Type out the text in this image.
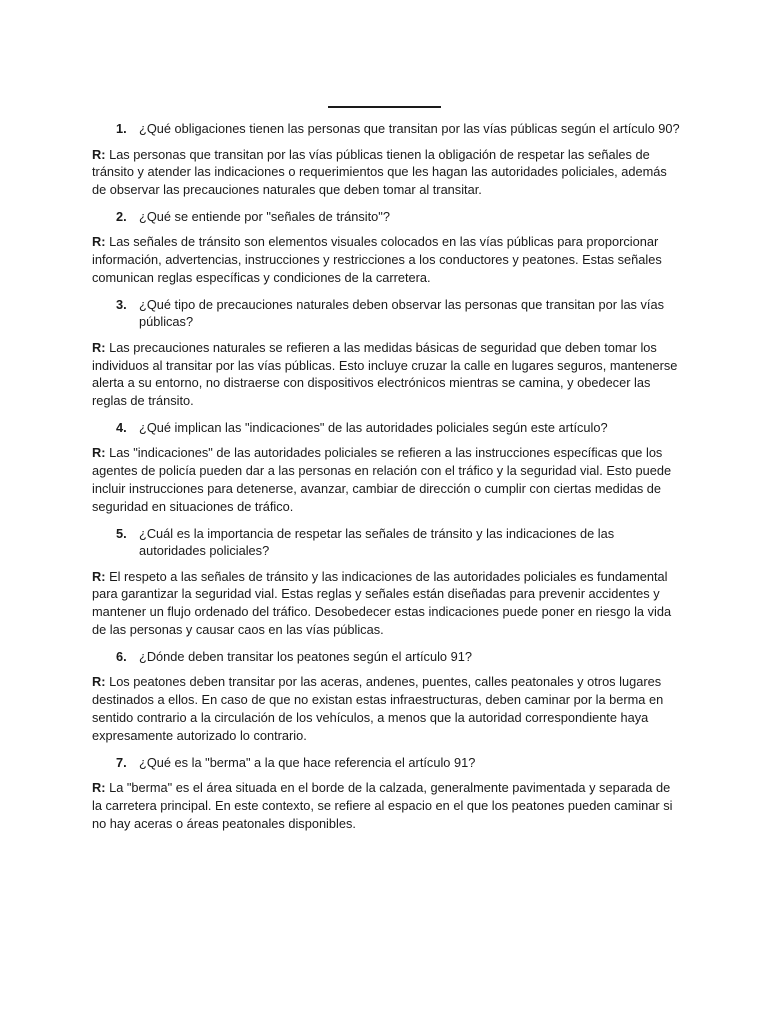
1. ¿Qué obligaciones tienen las personas que transitan por las vías públicas según el artículo 90?

R: Las personas que transitan por las vías públicas tienen la obligación de respetar las señales de tránsito y atender las indicaciones o requerimientos que les hagan las autoridades policiales, además de observar las precauciones naturales que deben tomar al transitar.

2. ¿Qué se entiende por "señales de tránsito"?

R: Las señales de tránsito son elementos visuales colocados en las vías públicas para proporcionar información, advertencias, instrucciones y restricciones a los conductores y peatones. Estas señales comunican reglas específicas y condiciones de la carretera.

3. ¿Qué tipo de precauciones naturales deben observar las personas que transitan por las vías públicas?

R: Las precauciones naturales se refieren a las medidas básicas de seguridad que deben tomar los individuos al transitar por las vías públicas. Esto incluye cruzar la calle en lugares seguros, mantenerse alerta a su entorno, no distraerse con dispositivos electrónicos mientras se camina, y obedecer las reglas de tránsito.

4. ¿Qué implican las "indicaciones" de las autoridades policiales según este artículo?

R: Las "indicaciones" de las autoridades policiales se refieren a las instrucciones específicas que los agentes de policía pueden dar a las personas en relación con el tráfico y la seguridad vial. Esto puede incluir instrucciones para detenerse, avanzar, cambiar de dirección o cumplir con ciertas medidas de seguridad en situaciones de tráfico.

5. ¿Cuál es la importancia de respetar las señales de tránsito y las indicaciones de las autoridades policiales?

R: El respeto a las señales de tránsito y las indicaciones de las autoridades policiales es fundamental para garantizar la seguridad vial. Estas reglas y señales están diseñadas para prevenir accidentes y mantener un flujo ordenado del tráfico. Desobedecer estas indicaciones puede poner en riesgo la vida de las personas y causar caos en las vías públicas.

6. ¿Dónde deben transitar los peatones según el artículo 91?

R: Los peatones deben transitar por las aceras, andenes, puentes, calles peatonales y otros lugares destinados a ellos. En caso de que no existan estas infraestructuras, deben caminar por la berma en sentido contrario a la circulación de los vehículos, a menos que la autoridad correspondiente haya expresamente autorizado lo contrario.

7. ¿Qué es la "berma" a la que hace referencia el artículo 91?

R: La "berma" es el área situada en el borde de la calzada, generalmente pavimentada y separada de la carretera principal. En este contexto, se refiere al espacio en el que los peatones pueden caminar si no hay aceras o áreas peatonales disponibles.
